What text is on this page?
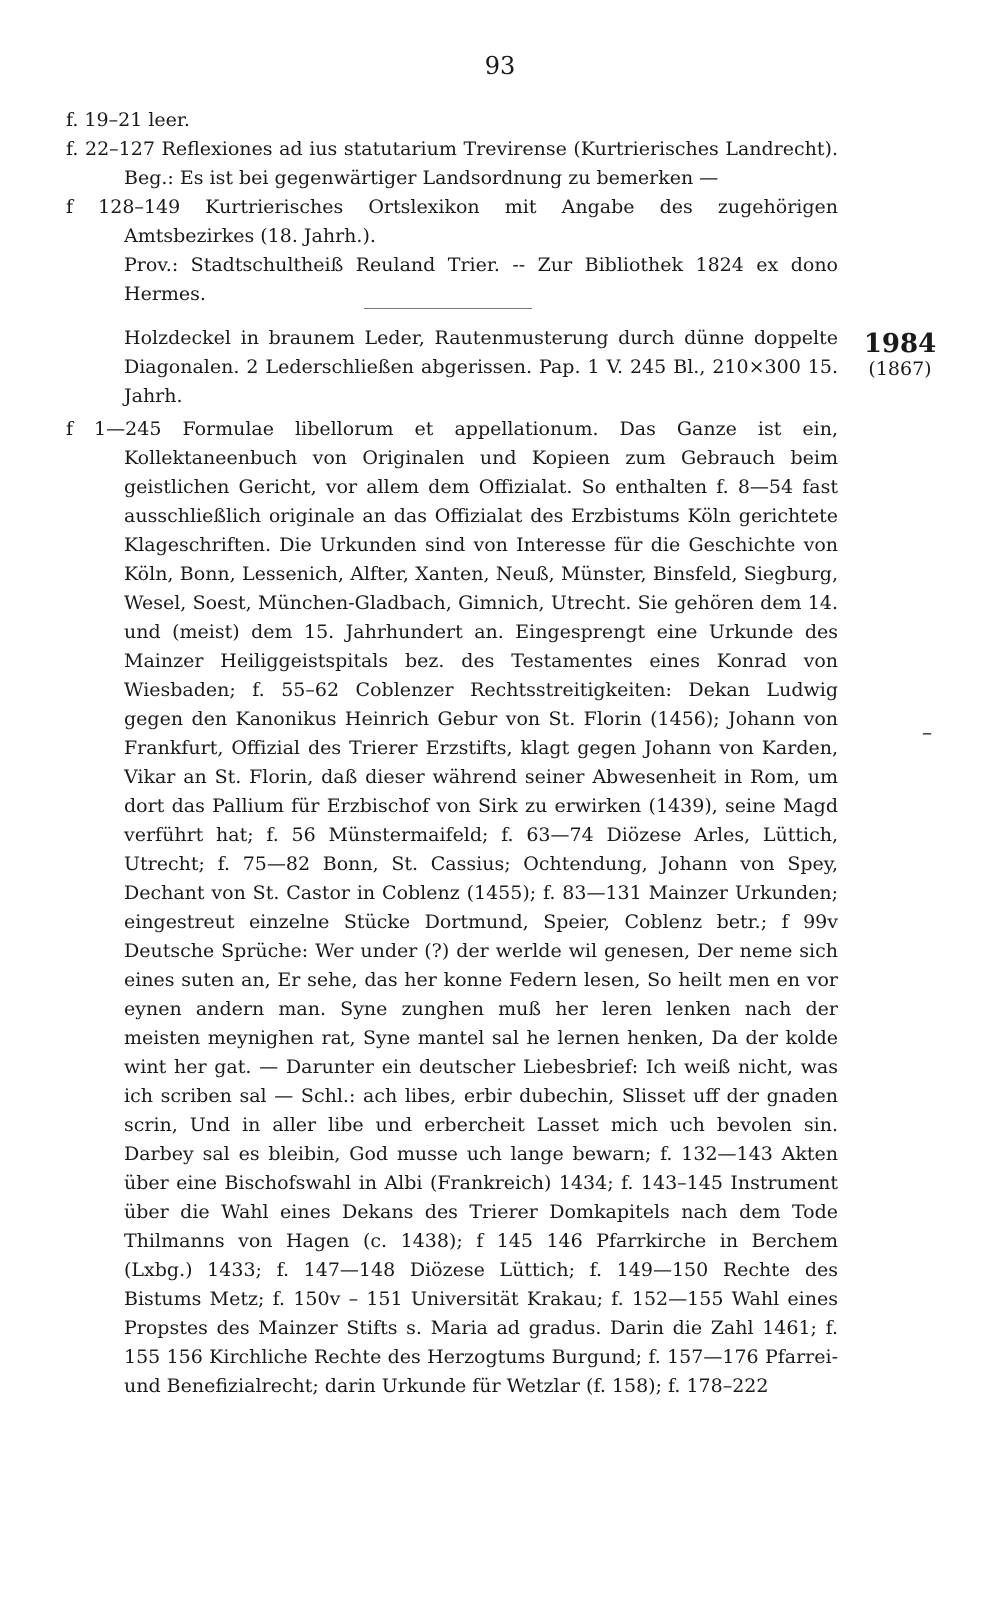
93

f. 19–21 leer.

f. 22–127 Reflexiones ad ius statutarium Trevirense (Kurtrierisches Landrecht). Beg.: Es ist bei gegenwärtiger Landsordnung zu bemerken —

f 128–149 Kurtrierisches Ortslexikon mit Angabe des zugehörigen Amtsbezirkes (18. Jahrh.).

Prov.: Stadtschultheiß Reuland Trier. -- Zur Bibliothek 1824 ex dono Hermes.

Holzdeckel in braunem Leder, Rautenmusterung durch dünne doppelte Diagonalen. 2 Lederschließen abgerissen. Pap. 1 V. 245 Bl., 210×300 15. Jahrh.

f 1—245 Formulae libellorum et appellationum. Das Ganze ist ein, Kollektaneenbuch von Originalen und Kopieen zum Gebrauch beim geistlichen Gericht, vor allem dem Offizialat. So enthalten f. 8—54 fast ausschließlich originale an das Offizialat des Erzbistums Köln gerichtete Klageschriften. Die Urkunden sind von Interesse für die Geschichte von Köln, Bonn, Lessenich, Alfter, Xanten, Neuß, Münster, Binsfeld, Siegburg, Wesel, Soest, München-Gladbach, Gimnich, Utrecht. Sie gehören dem 14. und (meist) dem 15. Jahrhundert an. Eingesprengt eine Urkunde des Mainzer Heiliggeistspitals bez. des Testamentes eines Konrad von Wiesbaden; f. 55–62 Coblenzer Rechtsstreitigkeiten: Dekan Ludwig gegen den Kanonikus Heinrich Gebur von St. Florin (1456); Johann von Frankfurt, Offizial des Trierer Erzstifts, klagt gegen Johann von Karden, Vikar an St. Florin, daß dieser während seiner Abwesenheit in Rom, um dort das Pallium für Erzbischof von Sirk zu erwirken (1439), seine Magd verführt hat; f. 56 Münstermaifeld; f. 63—74 Diözese Arles, Lüttich, Utrecht; f. 75—82 Bonn, St. Cassius; Ochtendung, Johann von Spey, Dechant von St. Castor in Coblenz (1455); f. 83—131 Mainzer Urkunden; eingestreut einzelne Stücke Dortmund, Speier, Coblenz betr.; f 99v Deutsche Sprüche: Wer under (?) der werlde wil genesen, Der neme sich eines suten an, Er sehe, das her konne Federn lesen, So heilt men en vor eynen andern man. Syne zunghen muß her leren lenken nach der meisten meynighen rat, Syne mantel sal he lernen henken, Da der kolde wint her gat. — Darunter ein deutscher Liebesbrief: Ich weiß nicht, was ich scriben sal — Schl.: ach libes, erbir dubechin, Slisset uff der gnaden scrin, Und in aller libe und erbercheit Lasset mich uch bevolen sin. Darbey sal es bleibin, God musse uch lange bewarn; f. 132—143 Akten über eine Bischofswahl in Albi (Frankreich) 1434; f. 143–145 Instrument über die Wahl eines Dekans des Trierer Domkapitels nach dem Tode Thilmanns von Hagen (c. 1438); f 145 146 Pfarrkirche in Berchem (Lxbg.) 1433; f. 147—148 Diözese Lüttich; f. 149—150 Rechte des Bistums Metz; f. 150v – 151 Universität Krakau; f. 152—155 Wahl eines Propstes des Mainzer Stifts s. Maria ad gradus. Darin die Zahl 1461; f. 155 156 Kirchliche Rechte des Herzogtums Burgund; f. 157—176 Pfarrei- und Benefizialrecht; darin Urkunde für Wetzlar (f. 158); f. 178–222

1984
(1867)
–
